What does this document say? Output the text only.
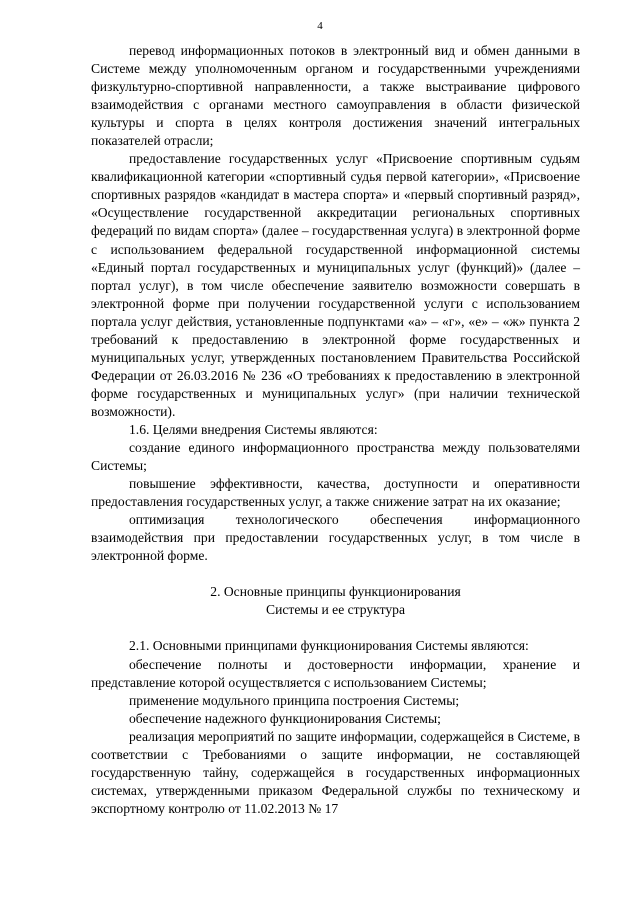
4

перевод информационных потоков в электронный вид и обмен данными в Системе между уполномоченным органом и государственными учреждениями физкультурно-спортивной направленности, а также выстраивание цифрового взаимодействия с органами местного самоуправления в области физической культуры и спорта в целях контроля достижения значений интегральных показателей отрасли;

предоставление государственных услуг «Присвоение спортивным судьям квалификационной категории «спортивный судья первой категории», «Присвоение спортивных разрядов «кандидат в мастера спорта» и «первый спортивный разряд», «Осуществление государственной аккредитации региональных спортивных федераций по видам спорта» (далее – государственная услуга) в электронной форме с использованием федеральной государственной информационной системы «Единый портал государственных и муниципальных услуг (функций)» (далее – портал услуг), в том числе обеспечение заявителю возможности совершать в электронной форме при получении государственной услуги с использованием портала услуг действия, установленные подпунктами «а» – «г», «е» – «ж» пункта 2 требований к предоставлению в электронной форме государственных и муниципальных услуг, утвержденных постановлением Правительства Российской Федерации от 26.03.2016 № 236 «О требованиях к предоставлению в электронной форме государственных и муниципальных услуг» (при наличии технической возможности).

1.6. Целями внедрения Системы являются:

создание единого информационного пространства между пользователями Системы;

повышение эффективности, качества, доступности и оперативности предоставления государственных услуг, а также снижение затрат на их оказание;

оптимизация технологического обеспечения информационного взаимодействия при предоставлении государственных услуг, в том числе в электронной форме.

2. Основные принципы функционирования

Системы и ее структура

2.1. Основными принципами функционирования Системы являются:

обеспечение полноты и достоверности информации, хранение и представление которой осуществляется с использованием Системы;

применение модульного принципа построения Системы;

обеспечение надежного функционирования Системы;

реализация мероприятий по защите информации, содержащейся в Системе, в соответствии с Требованиями о защите информации, не составляющей государственную тайну, содержащейся в государственных информационных системах, утвержденными приказом Федеральной службы по техническому и экспортному контролю от 11.02.2013 № 17
